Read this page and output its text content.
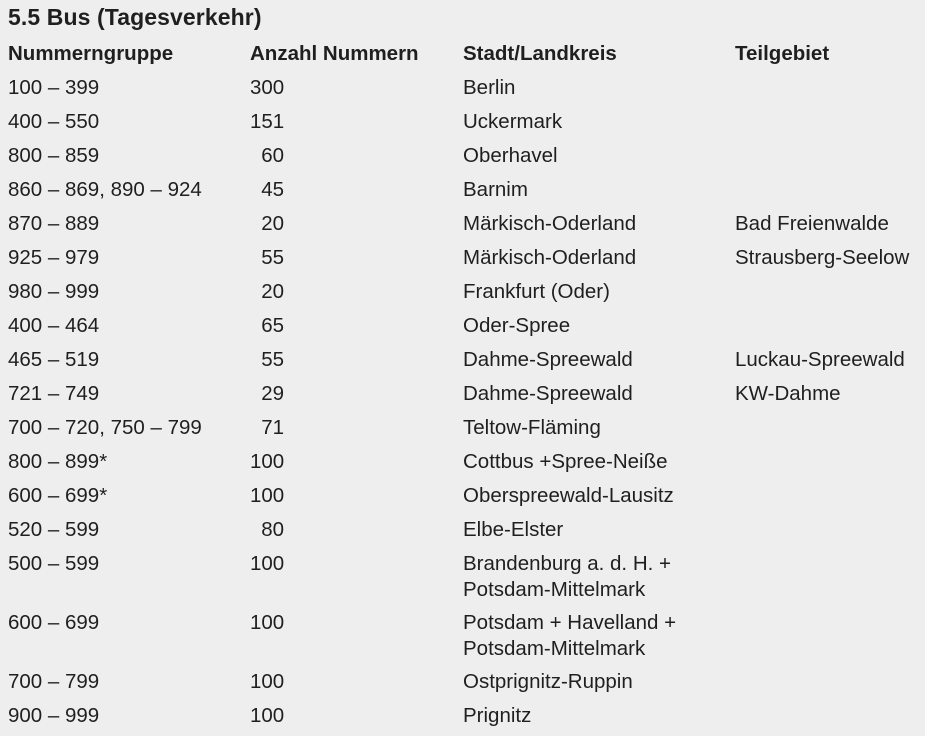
5.5 Bus (Tagesverkehr)
Nummerngruppe	Anzahl Nummern	Stadt/Landkreis	Teilgebiet
100 – 399	300	Berlin	

400 – 550	151	Uckermark	

800 – 859	60	Oberhavel	

860 – 869, 890 – 924	45	Barnim	

870 – 889	20	Märkisch-Oderland	Bad Freienwalde
925 – 979	55	Märkisch-Oderland	Strausberg-Seelow
980 – 999	20	Frankfurt (Oder)	

400 – 464	65	Oder-Spree	

465 – 519	55	Dahme-Spreewald	Luckau-Spreewald
721 – 749	29	Dahme-Spreewald	KW-Dahme
700 – 720, 750 – 799	71	Teltow-Fläming	

800 – 899*	100	Cottbus +Spree-Neiße	

600 – 699*	100	Oberspreewald-Lausitz	

520 – 599	80	Elbe-Elster	

500 – 599	100	Brandenburg a. d. H. +
Potsdam-Mittelmark	

600 – 699	100	Potsdam + Havelland +
Potsdam-Mittelmark	

700 – 799	100	Ostprignitz-Ruppin	

900 – 999	100	Prignitz	
